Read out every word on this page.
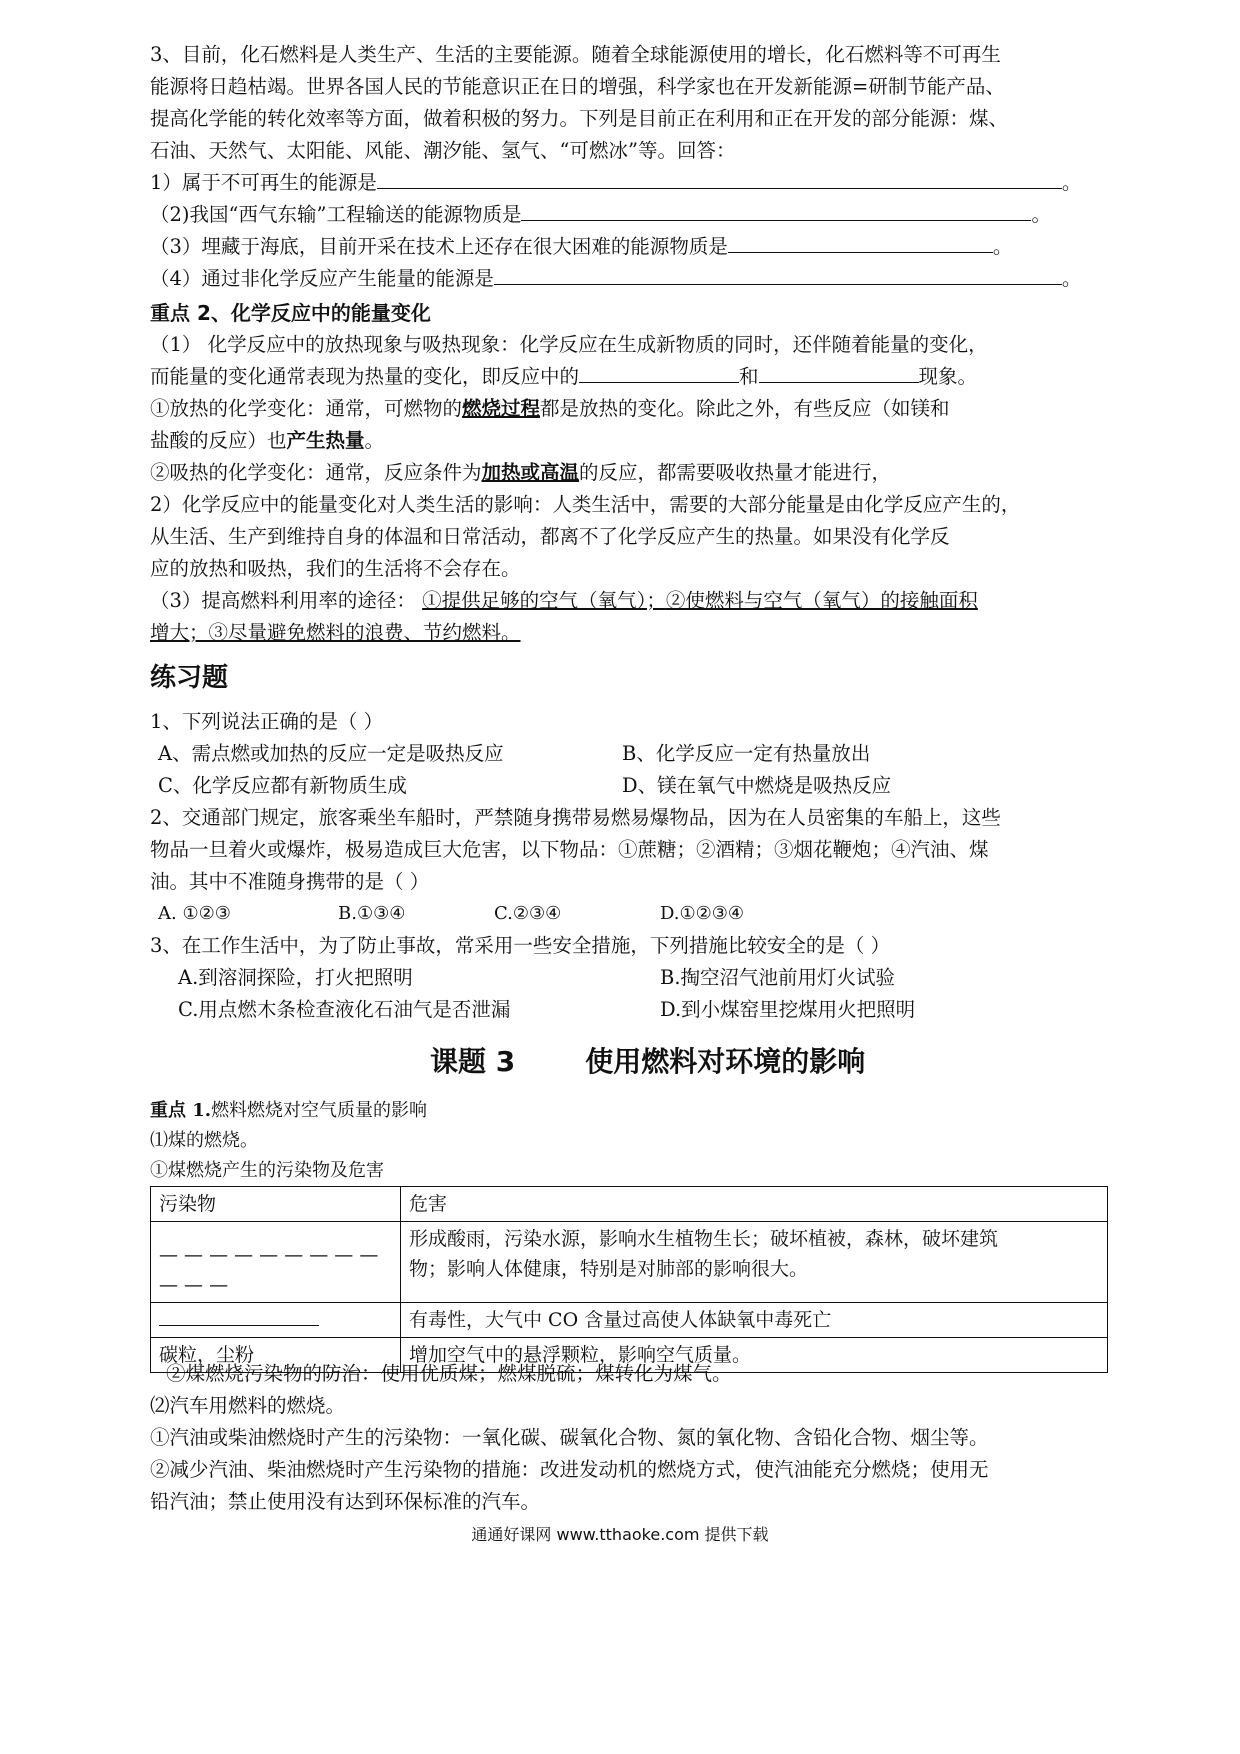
3、目前，化石燃料是人类生产、生活的主要能源。随着全球能源使用的增长，化石燃料等不可再生
能源将日趋枯竭。世界各国人民的节能意识正在日的增强，科学家也在开发新能源=研制节能产品、
提高化学能的转化效率等方面，做着积极的努力。下列是目前正在利用和正在开发的部分能源：煤、
石油、天然气、太阳能、风能、潮汐能、氢气、“可燃冰”等。回答：
1）属于不可再生的能源是	。
（2)我国“西气东输”工程输送的能源物质是	。
（3）埋藏于海底，目前开采在技术上还存在很大困难的能源物质是	。
（4）通过非化学反应产生能量的能源是	。
重点 2、化学反应中的能量变化
（1） 化学反应中的放热现象与吸热现象：化学反应在生成新物质的同时，还伴随着能量的变化，
而能量的变化通常表现为热量的变化，即反应中的	和	现象。
①放热的化学变化：通常，可燃物的燃烧过程都是放热的变化。除此之外，有些反应（如镁和
盐酸的反应）也产生热量。
②吸热的化学变化：通常，反应条件为加热或高温的反应，都需要吸收热量才能进行，
2）化学反应中的能量变化对人类生活的影响：人类生活中，需要的大部分能量是由化学反应产生的，
从生活、生产到维持自身的体温和日常活动，都离不了化学反应产生的热量。如果没有化学反
应的放热和吸热，我们的生活将不会存在。
（3）提高燃料利用率的途径： ①提供足够的空气（氧气）；②使燃料与空气（氧气）的接触面积
增大；③尽量避免燃料的浪费、节约燃料。
练习题
1、下列说法正确的是（ ）
A、需点燃或加热的反应一定是吸热反应	B、化学反应一定有热量放出
C、化学反应都有新物质生成	D、镁在氧气中燃烧是吸热反应
2、交通部门规定，旅客乘坐车船时，严禁随身携带易燃易爆物品，因为在人员密集的车船上，这些
物品一旦着火或爆炸，极易造成巨大危害，以下物品：①蔗糖；②酒精；③烟花鞭炮；④汽油、煤
油。其中不准随身携带的是（ ）
A. ①②③	B.①③④	C.②③④	D.①②③④
3、在工作生活中，为了防止事故，常采用一些安全措施，下列措施比较安全的是（ ）
A.到溶洞探险，打火把照明	B.掏空沼气池前用灯火试验
C.用点燃木条检查液化石油气是否泄漏	D.到小煤窑里挖煤用火把照明
课题 3	使用燃料对环境的影响
重点 1.燃料燃烧对空气质量的影响
⑴煤的燃烧。
①煤燃烧产生的污染物及危害
污染物	危害

— — — — — — — — — — — —	形成酸雨，污染水源，影响水生植物生长；破坏植被，森林，破坏建筑
物；影响人体健康，特别是对肺部的影响很大。

	有毒性，大气中 CO 含量过高使人体缺氧中毒死亡
碳粒，尘粉	增加空气中的悬浮颗粒，影响空气质量。
②煤燃烧污染物的防治：使用优质煤；燃煤脱硫；煤转化为煤气。
⑵汽车用燃料的燃烧。
①汽油或柴油燃烧时产生的污染物：一氧化碳、碳氧化合物、氮的氧化物、含铅化合物、烟尘等。
②减少汽油、柴油燃烧时产生污染物的措施：改进发动机的燃烧方式，使汽油能充分燃烧；使用无
铅汽油；禁止使用没有达到环保标准的汽车。
通通好课网 www.tthaoke.com 提供下载
